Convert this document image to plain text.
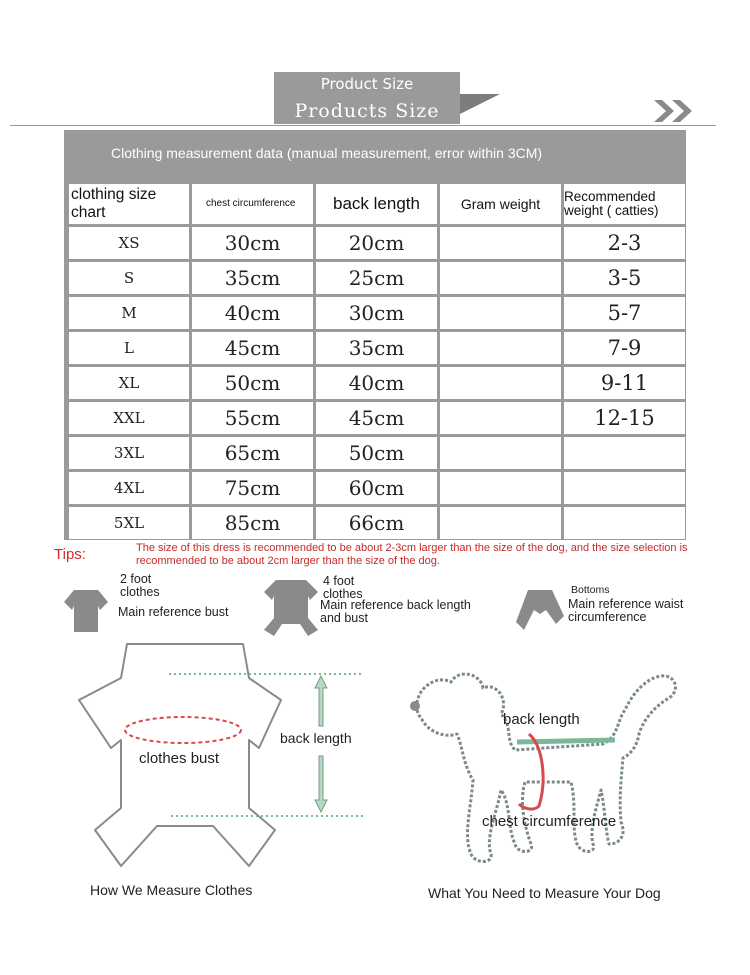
Product Size
Products Size
Clothing measurement data (manual measurement, error within 3CM)
clothing size chart	chest circumference	back length	Gram weight	Recommended weight ( catties)
XS	30cm	20cm		2-3
S	35cm	25cm		3-5
M	40cm	30cm		5-7
L	45cm	35cm		7-9
XL	50cm	40cm		9-11
XXL	55cm	45cm		12-15
3XL	65cm	50cm		
4XL	75cm	60cm		
5XL	85cm	66cm		
Tips:	The size of this dress is recommended to be about 2-3cm larger than the size of the dog, and the size selection is recommended to be about 2cm larger than the size of the dog.
2 foot clothes
Main reference bust
4 foot clothes
Main reference back length and bust
Bottoms
Main reference waist circumference
clothes bust
back length
How We Measure Clothes
back length
chest circumference
What You Need to Measure Your Dog
